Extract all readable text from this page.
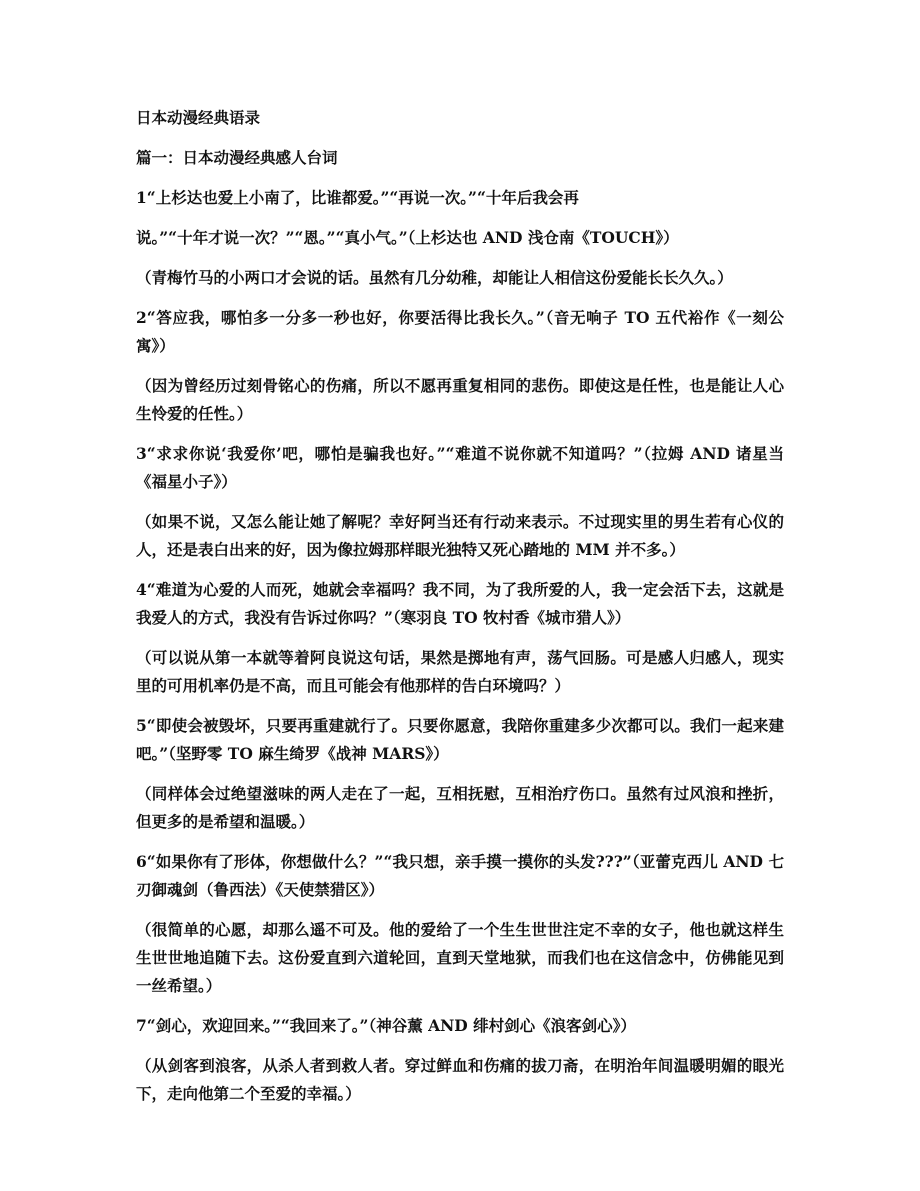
日本动漫经典语录
篇一：日本动漫经典感人台词
1“上杉达也爱上小南了，比谁都爱。”“再说一次。”“十年后我会再
说。”“十年才说一次？”“恩。”“真小气。”（上杉达也 AND 浅仓南《TOUCH》）
（青梅竹马的小两口才会说的话。虽然有几分幼稚，却能让人相信这份爱能长长久久。）
2“答应我，哪怕多一分多一秒也好，你要活得比我长久。”（音无响子 TO 五代裕作《一刻公寓》）
（因为曾经历过刻骨铭心的伤痛，所以不愿再重复相同的悲伤。即使这是任性，也是能让人心生怜爱的任性。）
3“求求你说‘我爱你’吧，哪怕是骗我也好。”“难道不说你就不知道吗？”（拉姆 AND 诸星当《福星小子》）
（如果不说，又怎么能让她了解呢？幸好阿当还有行动来表示。不过现实里的男生若有心仪的人，还是表白出来的好，因为像拉姆那样眼光独特又死心踏地的 MM 并不多。）
4“难道为心爱的人而死，她就会幸福吗？我不同，为了我所爱的人，我一定会活下去，这就是我爱人的方式，我没有告诉过你吗？”（寒羽良 TO 牧村香《城市猎人》）
（可以说从第一本就等着阿良说这句话，果然是掷地有声，荡气回肠。可是感人归感人，现实里的可用机率仍是不高，而且可能会有他那样的告白环境吗？）
5“即使会被毁坏，只要再重建就行了。只要你愿意，我陪你重建多少次都可以。我们一起来建吧。”（坚野零 TO 麻生绮罗《战神 MARS》）
（同样体会过绝望滋味的两人走在了一起，互相抚慰，互相治疗伤口。虽然有过风浪和挫折，但更多的是希望和温暖。）
6“如果你有了形体，你想做什么？”“我只想，亲手摸一摸你的头发???”（亚蕾克西儿 AND 七刃御魂剑（鲁西法）《天使禁猎区》）
（很简单的心愿，却那么遥不可及。他的爱给了一个生生世世注定不幸的女子，他也就这样生生世世地追随下去。这份爱直到六道轮回，直到天堂地狱，而我们也在这信念中，仿佛能见到一丝希望。）
7“剑心，欢迎回来。”“我回来了。”（神谷薰 AND 绯村剑心《浪客剑心》）
（从剑客到浪客，从杀人者到救人者。穿过鲜血和伤痛的拔刀斋，在明治年间温暖明媚的眼光下，走向他第二个至爱的幸福。）
